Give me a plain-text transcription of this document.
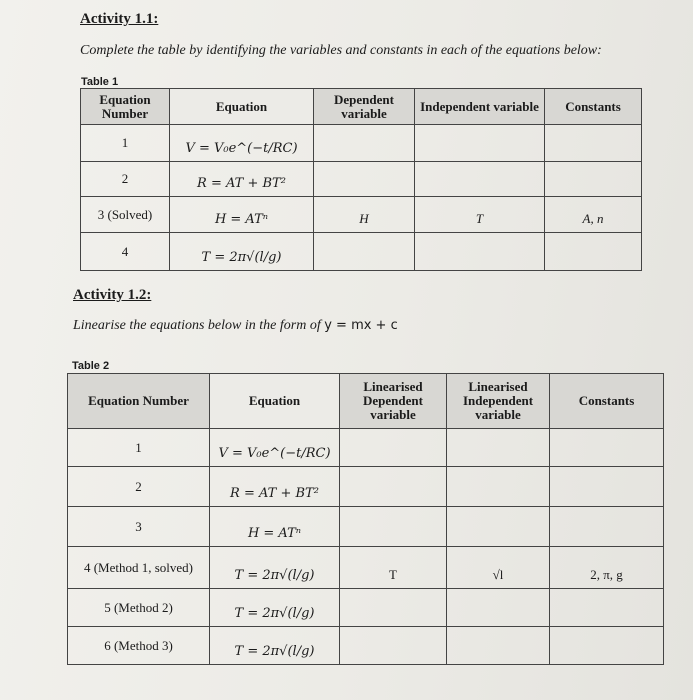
Activity 1.1:
Complete the table by identifying the variables and constants in each of the equations below:
Table 1
Equation Number	Equation	Dependent variable	Independent variable	Constants
1	V = V₀e^(−t/RC)			
2	R = AT + BT²			
3 (Solved)	H = ATⁿ	H	T	A, n
4	T = 2π√(l/g)			
Activity 1.2:
Linearise the equations below in the form of y = mx + c
Table 2
Equation Number	Equation	Linearised Dependent variable	Linearised Independent variable	Constants
1	V = V₀e^(−t/RC)			
2	R = AT + BT²			
3	H = ATⁿ			
4 (Method 1, solved)	T = 2π√(l/g)	T	√l	2, π, g
5 (Method 2)	T = 2π√(l/g)			
6 (Method 3)	T = 2π√(l/g)			
